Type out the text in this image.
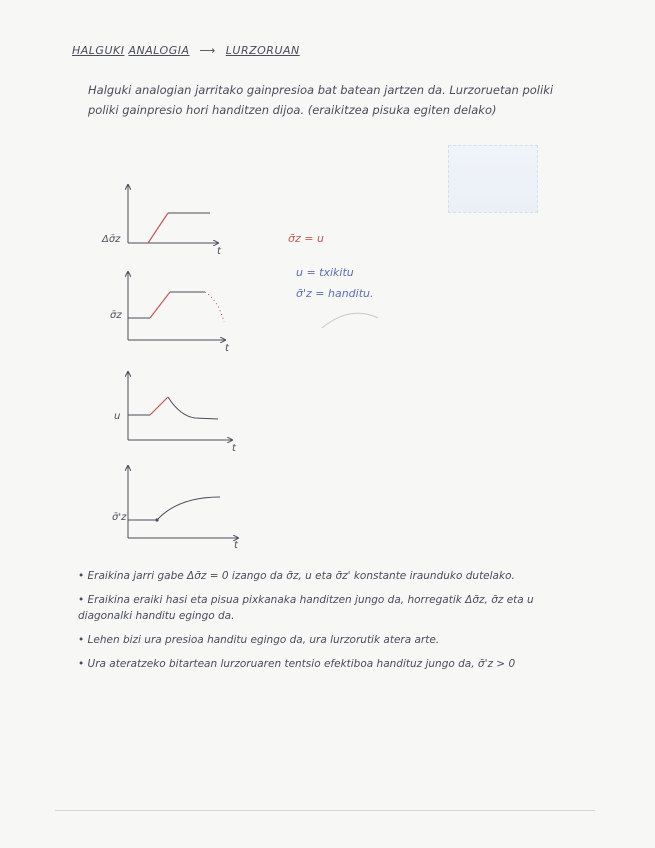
HALGUKI ANALOGIA ⟶ LURZORUAN
Halguki analogian jarritako gainpresioa bat batean jartzen da. Lurzoruetan poliki poliki gainpresio hori handitzen dijoa. (eraikitzea pisuka egiten delako)
Δσ̄z
t
σ̄z
t
u
t
σ̄'z
t
σ̄z = u
u = txikitu
σ̄'z = handitu.
• Eraikina jarri gabe Δσ̄z = 0 izango da σ̄z, u eta σ̄z' konstante iraunduko dutelako.
• Eraikina eraiki hasi eta pisua pixkanaka handitzen jungo da, horregatik Δσ̄z, σ̄z eta u diagonalki handitu egingo da.
• Lehen bizi ura presioa handitu egingo da, ura lurzorutik atera arte.
• Ura ateratzeko bitartean lurzoruaren tentsio efektiboa handituz jungo da, σ̄'z > 0
